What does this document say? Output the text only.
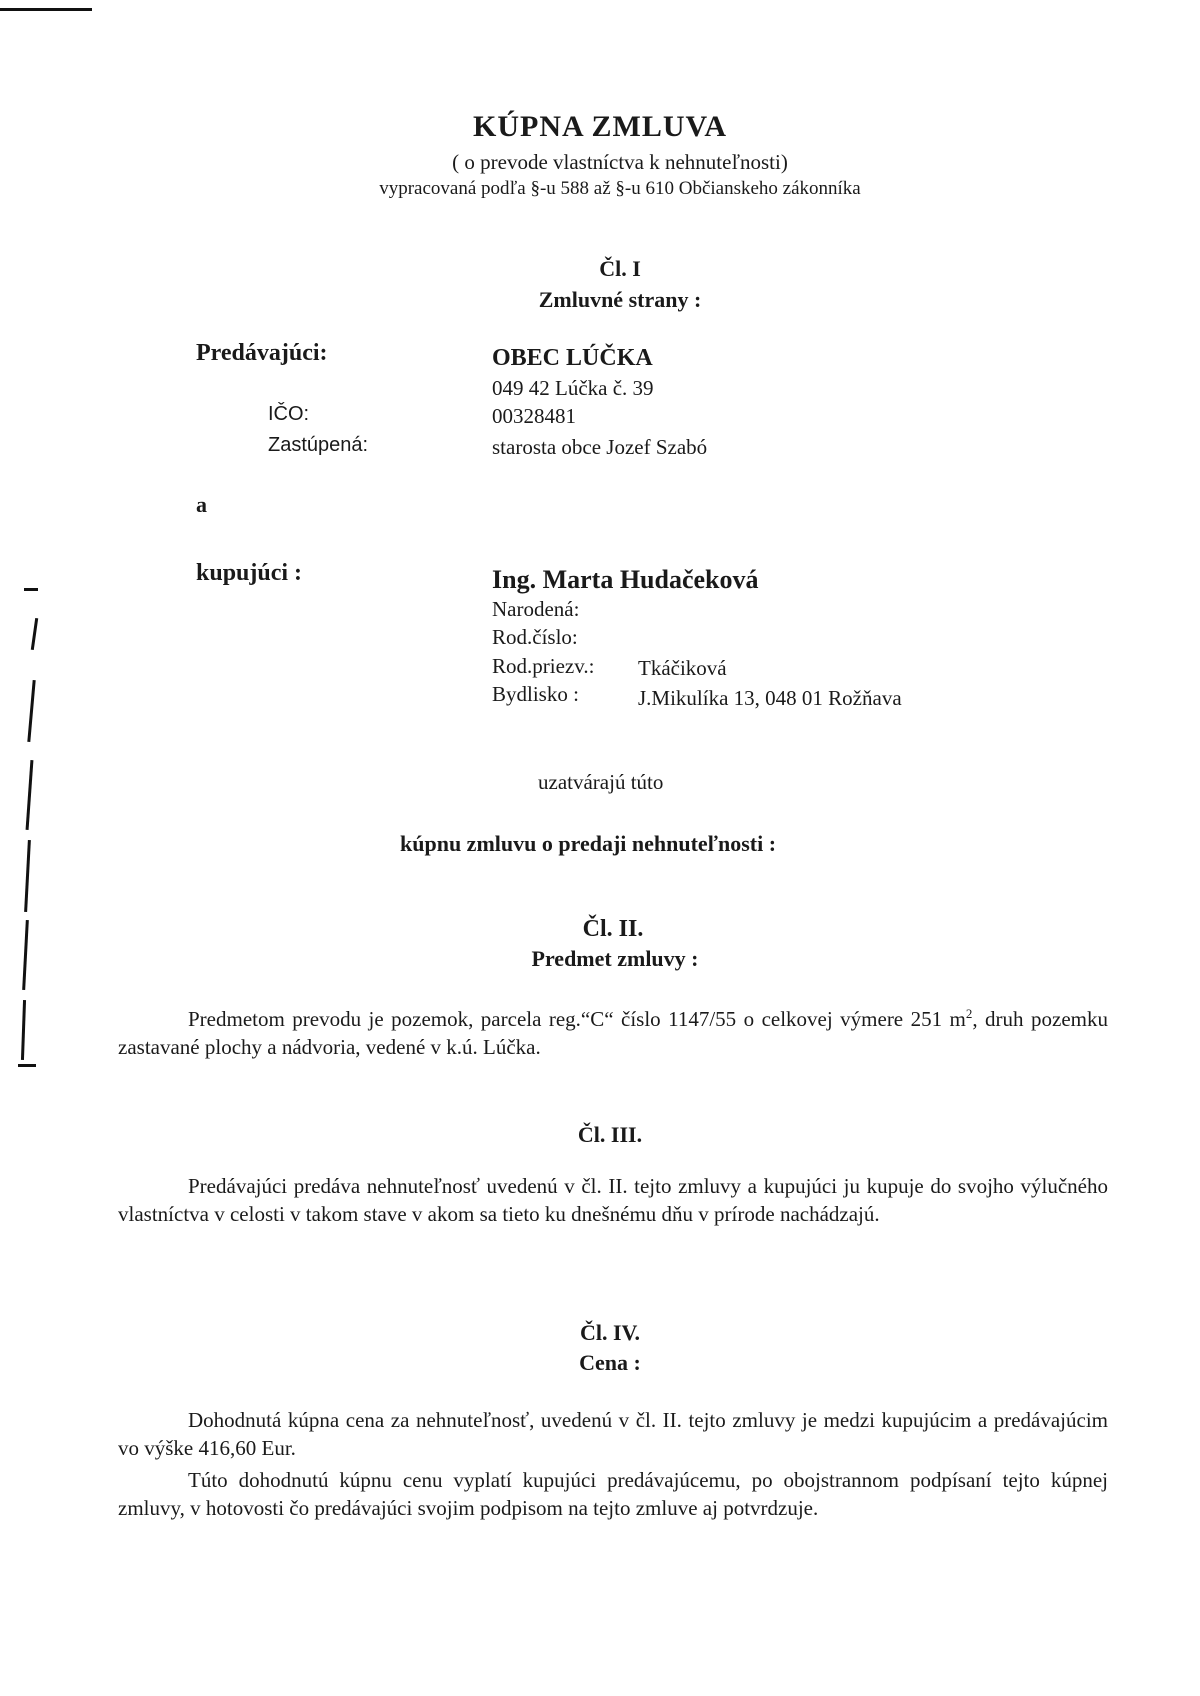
KÚPNA ZMLUVA
( o prevode vlastníctva k nehnuteľnosti)
vypracovaná podľa §-u 588 až §-u 610 Občianskeho zákonníka
Čl. I
Zmluvné strany :
Predávajúci:	OBEC LÚČKA
049 42 Lúčka č. 39
IČO:	00328481
Zastúpená:	starosta obce Jozef Szabó
a
kupujúci :	Ing. Marta Hudačeková
Narodená:
Rod.číslo:
Rod.priezv.: Tkáčiková
Bydlisko :	J.Mikulíka 13, 048 01 Rožňava
uzatvárajú túto
kúpnu zmluvu o predaji nehnuteľnosti :
Čl. II.
Predmet zmluvy :
Predmetom prevodu je pozemok, parcela reg.“C“ číslo 1147/55 o celkovej výmere 251 $m^2$, druh pozemku zastavané plochy a nádvoria, vedené v k.ú. Lúčka.
Čl. III.
Predávajúci predáva nehnuteľnosť uvedenú v čl. II. tejto zmluvy a kupujúci ju kupuje do svojho výlučného vlastníctva v celosti v takom stave v akom sa tieto ku dnešnému dňu v prírode nachádzajú.
Čl. IV.
Cena :
Dohodnutá kúpna cena za nehnuteľnosť, uvedenú v čl. II. tejto zmluvy je medzi kupujúcim a predávajúcim vo výške 416,60 Eur.
Túto dohodnutú kúpnu cenu vyplatí kupujúci predávajúcemu, po obojstrannom podpísaní tejto kúpnej zmluvy, v hotovosti čo predávajúci svojim podpisom na tejto zmluve aj potvrdzuje.
